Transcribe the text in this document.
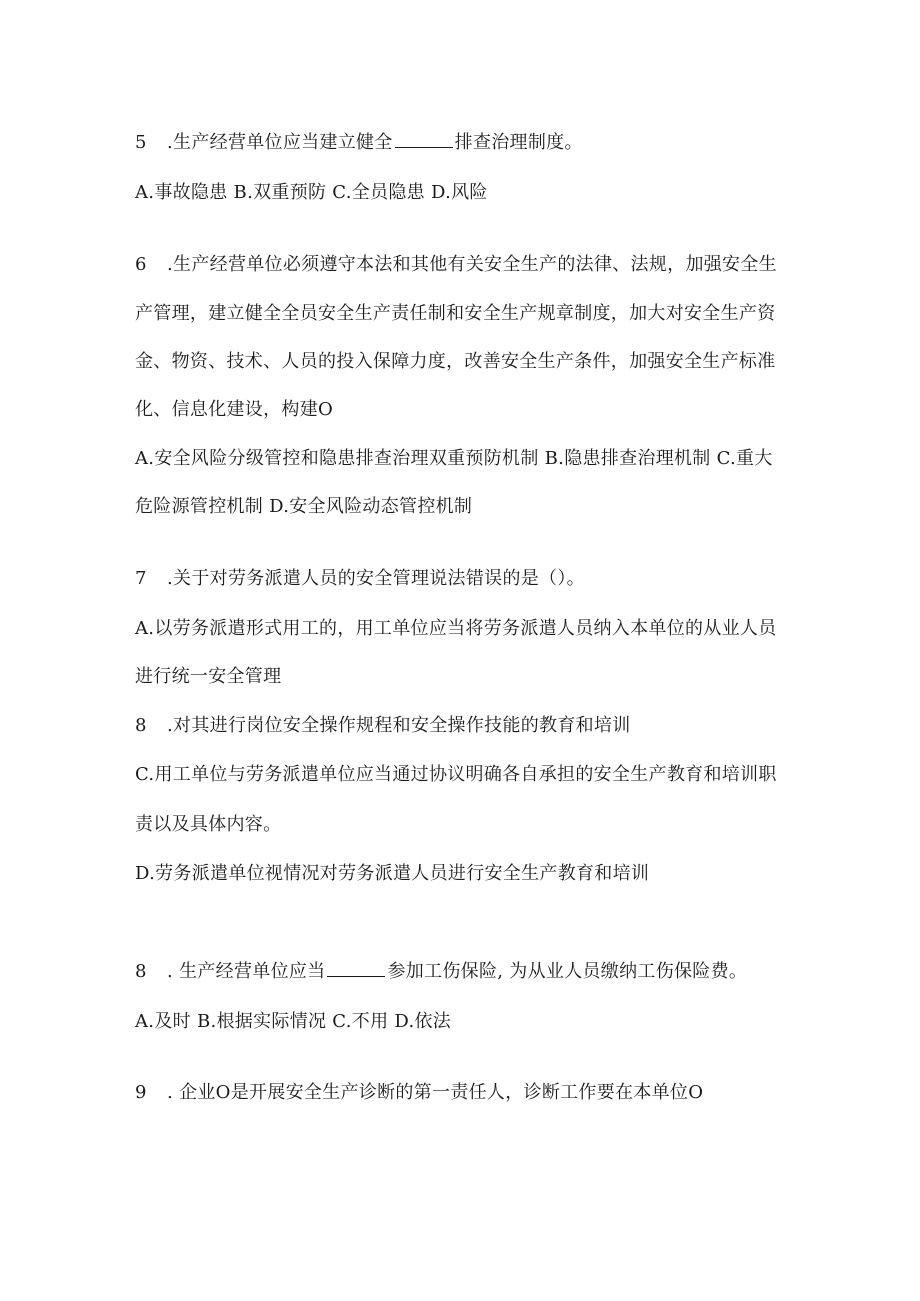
5 .生产经营单位应当建立健全	排查治理制度。
A.事故隐患 B.双重预防 C.全员隐患 D.风险
6 .生产经营单位必须遵守本法和其他有关安全生产的法律、法规，加强安全生
产管理，建立健全全员安全生产责任制和安全生产规章制度，加大对安全生产资
金、物资、技术、人员的投入保障力度，改善安全生产条件，加强安全生产标准
化、信息化建设，构建O
A.安全风险分级管控和隐患排查治理双重预防机制 B.隐患排查治理机制 C.重大
危险源管控机制 D.安全风险动态管控机制
7 .关于对劳务派遣人员的安全管理说法错误的是（）。
A.以劳务派遣形式用工的，用工单位应当将劳务派遣人员纳入本单位的从业人员
进行统一安全管理
8 .对其进行岗位安全操作规程和安全操作技能的教育和培训
C.用工单位与劳务派遣单位应当通过协议明确各自承担的安全生产教育和培训职
责以及具体内容。
D.劳务派遣单位视情况对劳务派遣人员进行安全生产教育和培训
8 . 生产经营单位应当	参加工伤保险, 为从业人员缴纳工伤保险费。
A.及时 B.根据实际情况 C.不用 D.依法
9 . 企业O是开展安全生产诊断的第一责任人，诊断工作要在本单位O
